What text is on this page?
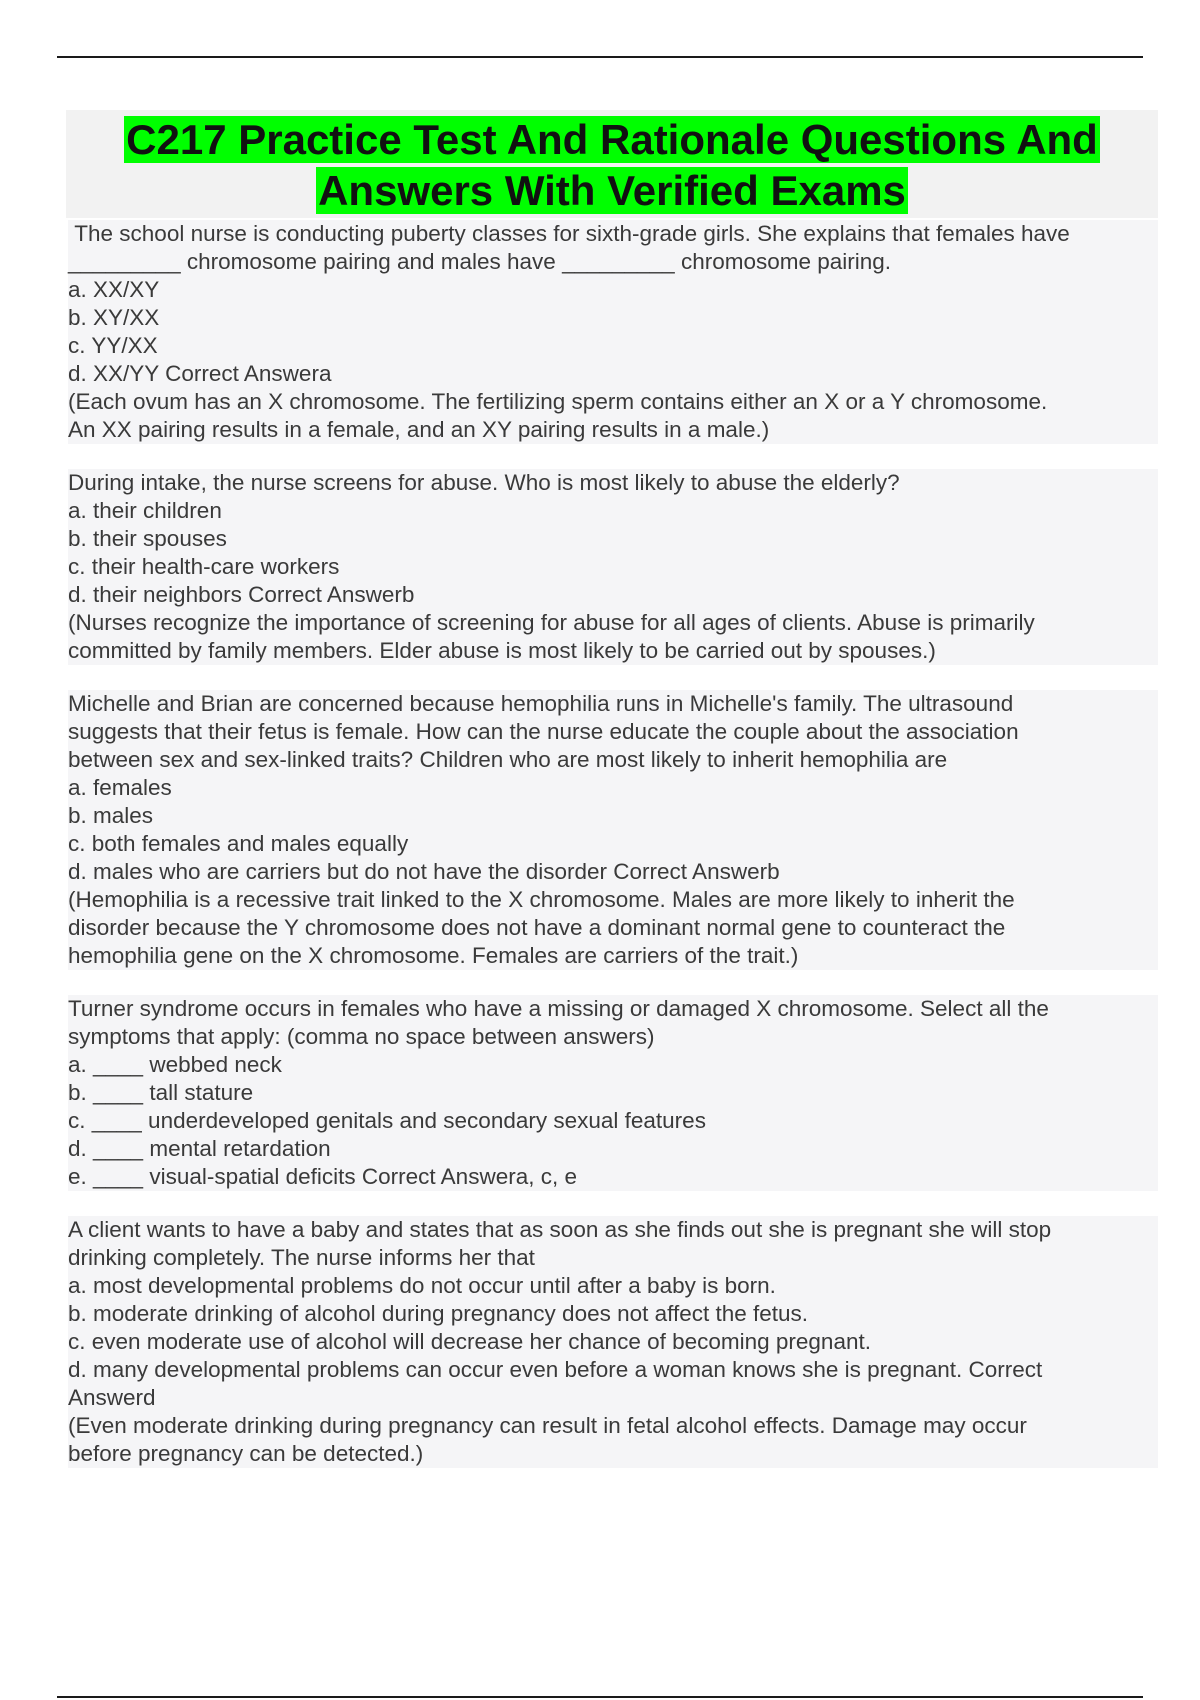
C217 Practice Test And Rationale Questions And Answers With Verified Exams
The school nurse is conducting puberty classes for sixth-grade girls. She explains that females have
_________ chromosome pairing and males have _________ chromosome pairing.
a. XX/XY
b. XY/XX
c. YY/XX
d. XX/YY Correct Answera
(Each ovum has an X chromosome. The fertilizing sperm contains either an X or a Y chromosome.
An XX pairing results in a female, and an XY pairing results in a male.)
During intake, the nurse screens for abuse. Who is most likely to abuse the elderly?
a. their children
b. their spouses
c. their health-care workers
d. their neighbors Correct Answerb
(Nurses recognize the importance of screening for abuse for all ages of clients. Abuse is primarily
committed by family members. Elder abuse is most likely to be carried out by spouses.)
Michelle and Brian are concerned because hemophilia runs in Michelle's family. The ultrasound
suggests that their fetus is female. How can the nurse educate the couple about the association
between sex and sex-linked traits? Children who are most likely to inherit hemophilia are
a. females
b. males
c. both females and males equally
d. males who are carriers but do not have the disorder Correct Answerb
(Hemophilia is a recessive trait linked to the X chromosome. Males are more likely to inherit the
disorder because the Y chromosome does not have a dominant normal gene to counteract the
hemophilia gene on the X chromosome. Females are carriers of the trait.)
Turner syndrome occurs in females who have a missing or damaged X chromosome. Select all the
symptoms that apply: (comma no space between answers)
a. ____ webbed neck
b. ____ tall stature
c. ____ underdeveloped genitals and secondary sexual features
d. ____ mental retardation
e. ____ visual-spatial deficits Correct Answera, c, e
A client wants to have a baby and states that as soon as she finds out she is pregnant she will stop
drinking completely. The nurse informs her that
a. most developmental problems do not occur until after a baby is born.
b. moderate drinking of alcohol during pregnancy does not affect the fetus.
c. even moderate use of alcohol will decrease her chance of becoming pregnant.
d. many developmental problems can occur even before a woman knows she is pregnant. Correct
Answerd
(Even moderate drinking during pregnancy can result in fetal alcohol effects. Damage may occur
before pregnancy can be detected.)
